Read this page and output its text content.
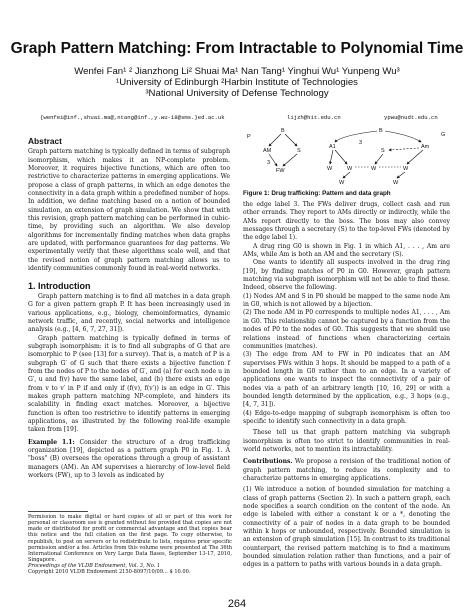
Graph Pattern Matching: From Intractable to Polynomial Time
Wenfei Fan¹ ² Jianzhong Li² Shuai Ma¹ Nan Tang¹ Yinghui Wu¹ Yunpeng Wu³
¹University of Edinburgh ²Harbin Institute of Technologies
³National University of Defense Technology
{wenfei@inf.,shuai.ma@,ntang@inf.,y.wu-18@sms.}ed.ac.uk	lijzh@hit.edu.cn	ypwu@nudt.edu.cn
Abstract

Graph pattern matching is typically defined in terms of subgraph isomorphism, which makes it an NP-complete problem. Moreover, it requires bijective functions, which are often too restrictive to characterize patterns in emerging applications. We propose a class of graph patterns, in which an edge denotes the connectivity in a data graph within a predefined number of hops. In addition, we define matching based on a notion of bounded simulation, an extension of graph simulation. We show that with this revision, graph pattern matching can be performed in cubic-time, by providing such an algorithm. We also develop algorithms for incrementally finding matches when data graphs are updated, with performance guarantees for dag patterns. We experimentally verify that these algorithms scale well, and that the revised notion of graph pattern matching allows us to identify communities commonly found in real-world networks.

1. Introduction

Graph pattern matching is to find all matches in a data graph G for a given pattern graph P. It has been increasingly used in various applications, e.g., biology, chemoinformatics, dynamic network traffic, and recently, social networks and intelligence analysis (e.g., [4, 6, 7, 27, 31]).

Graph pattern matching is typically defined in terms of subgraph isomorphism: it is to find all subgraphs of G that are isomorphic to P (see [13] for a survey). That is, a match of P is a subgraph G′ of G such that there exists a bijective function f from the nodes of P to the nodes of G′, and (a) for each node u in G′, u and f(v) have the same label, and (b) there exists an edge from v to v′ in P if and only if (f(v), f(v′)) is an edge in G′. This makes graph pattern matching NP-complete, and hinders its scalability in finding exact matches. Moreover, a bijective function is often too restrictive to identify patterns in emerging applications, as illustrated by the following real-life example taken from [19].

Example 1.1: Consider the structure of a drug trafficking organization [19], depicted as a pattern graph P0 in Fig. 1. A "boss" (B) oversees the operations through a group of assistant managers (AM). An AM supervises a hierarchy of low-level field workers (FW), up to 3 levels as indicated by

Permission to make digital or hard copies of all or part of this work for personal or classroom use is granted without fee provided that copies are not made or distributed for profit or commercial advantage and that copies bear this notice and the full citation on the first page. To copy otherwise, to republish, to post on servers or to redistribute to lists, requires prior specific permission and/or a fee. Articles from this volume were presented at The 36th International Conference on Very Large Data Bases, September 13-17, 2010, Singapore.

Proceedings of the VLDB Endowment, Vol. 3, No. 1

Copyright 2010 VLDB Endowment 2150-8097/10/09... $ 10.00.

P
B
AM	S
FW
3
G
B
A1	Am
S
W	W	W	W
W	W
3
Figure 1: Drug trafficking: Pattern and data graph

the edge label 3. The FWs deliver drugs, collect cash and run other errands. They report to AMs directly or indirectly, while the AMs report directly to the boss. The boss may also convey messages through a secretary (S) to the top-level FWs (denoted by the edge label 1).

A drug ring G0 is shown in Fig. 1 in which A1, . . . , Am are AMs, while Am is both an AM and the secretary (S).

One wants to identify all suspects involved in the drug ring [19], by finding matches of P0 in G0. However, graph pattern matching via subgraph isomorphism will not be able to find these. Indeed, observe the following.

(1) Nodes AM and S in P0 should be mapped to the same node Am in G0, which is not allowed by a bijection.

(2) The node AM in P0 corresponds to multiple nodes A1, . . . , Am in G0. This relationship cannot be captured by a function from the nodes of P0 to the nodes of G0. This suggests that we should use relations instead of functions when characterizing certain communities (matches).

(3) The edge from AM to FW in P0 indicates that an AM supervises FWs within 3 hops. It should be mapped to a path of a bounded length in G0 rather than to an edge. In a variety of applications one wants to inspect the connectivity of a pair of nodes via a path of an arbitrary length [10, 16, 29] or with a bounded length determined by the application, e.g., 3 hops (e.g., [4, 7, 31]).

(4) Edge-to-edge mapping of subgraph isomorphism is often too specific to identify such connectivity in a data graph.

These tell us that graph pattern matching via subgraph isomorphism is often too strict to identify communities in real-world networks, not to mention its intractability.

Contributions. We propose a revision of the traditional notion of graph pattern matching, to reduce its complexity and to characterize patterns in emerging applications.

(1) We introduce a notion of bounded simulation for matching a class of graph patterns (Section 2). In such a pattern graph, each node specifies a search condition on the content of the node. An edge is labeled with either a constant k or a *, denoting the connectivity of a pair of nodes in a data graph to be bounded within k hops or unbounded, respectively. Bounded simulation is an extension of graph simulation [15]. In contrast to its traditional counterpart, the revised pattern matching is to find a maximum bounded simulation relation rather than functions, and a pair of edges in a pattern to paths with various bounds in a data graph.

264
